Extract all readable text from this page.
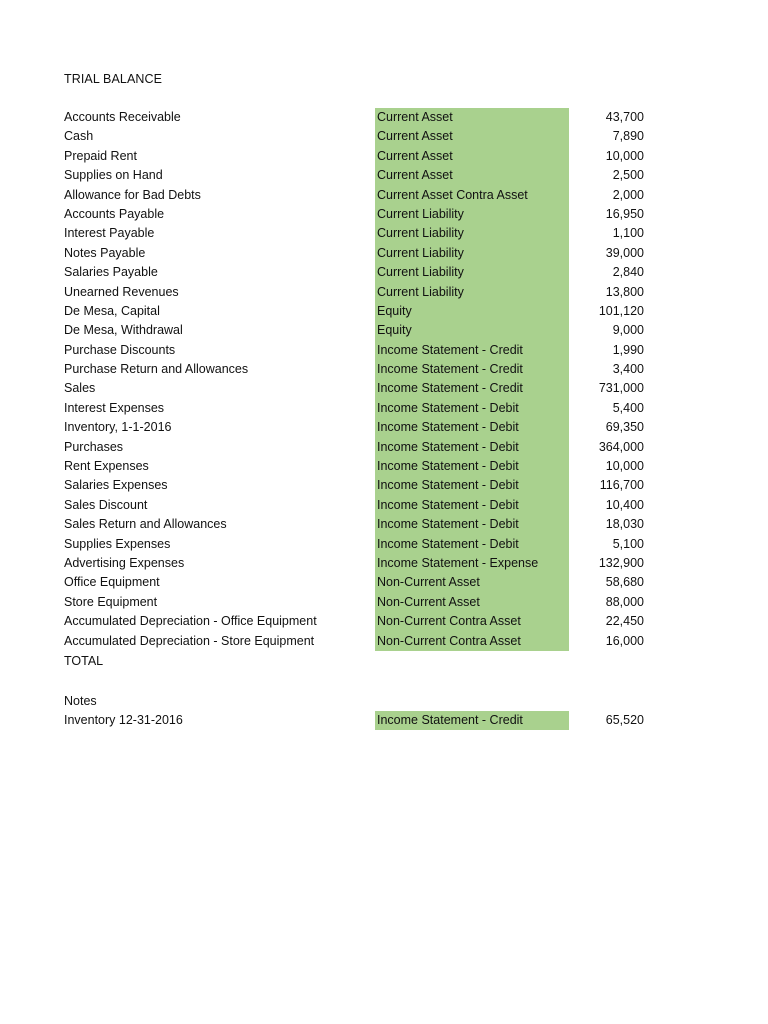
TRIAL BALANCE
Accounts Receivable	Current Asset	43,700
Cash	Current Asset	7,890
Prepaid Rent	Current Asset	10,000
Supplies on Hand	Current Asset	2,500
Allowance for Bad Debts	Current Asset Contra Asset	2,000
Accounts Payable	Current Liability	16,950
Interest Payable	Current Liability	1,100
Notes Payable	Current Liability	39,000
Salaries Payable	Current Liability	2,840
Unearned Revenues	Current Liability	13,800
De Mesa, Capital	Equity	101,120
De Mesa, Withdrawal	Equity	9,000
Purchase Discounts	Income Statement - Credit	1,990
Purchase Return and Allowances	Income Statement - Credit	3,400
Sales	Income Statement - Credit	731,000
Interest Expenses	Income Statement - Debit	5,400
Inventory, 1-1-2016	Income Statement - Debit	69,350
Purchases	Income Statement - Debit	364,000
Rent Expenses	Income Statement - Debit	10,000
Salaries Expenses	Income Statement - Debit	116,700
Sales Discount	Income Statement - Debit	10,400
Sales Return and Allowances	Income Statement - Debit	18,030
Supplies Expenses	Income Statement - Debit	5,100
Advertising Expenses	Income Statement - Expense	132,900
Office Equipment	Non-Current Asset	58,680
Store Equipment	Non-Current Asset	88,000
Accumulated Depreciation - Office Equipment	Non-Current Contra Asset	22,450
Accumulated Depreciation - Store Equipment	Non-Current Contra Asset	16,000
TOTAL
Notes
Inventory 12-31-2016	Income Statement - Credit	65,520
